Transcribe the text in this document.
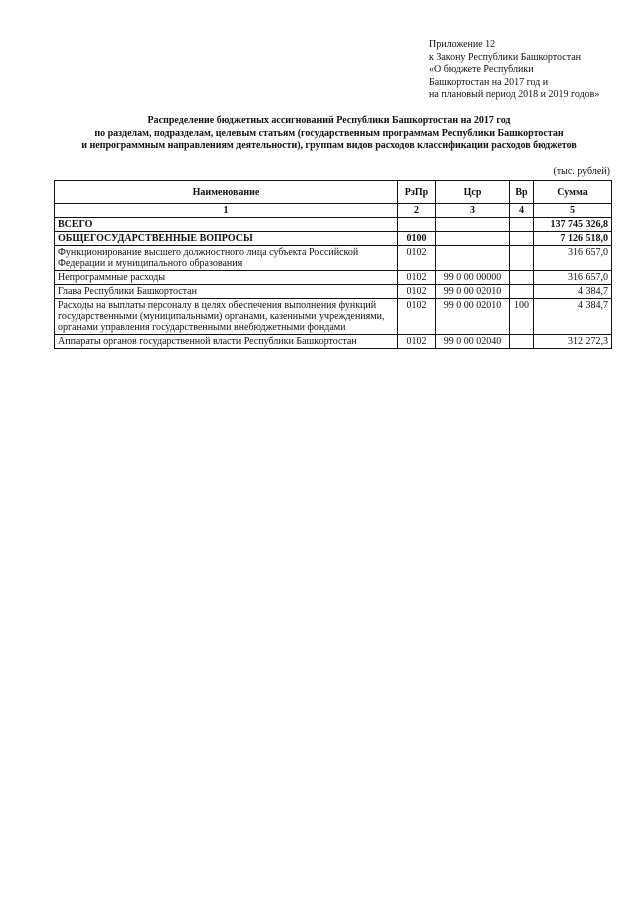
Приложение 12
к Закону Республики Башкортостан
«О бюджете Республики
Башкортостан на 2017 год и
на плановый период 2018 и 2019 годов»
Распределение бюджетных ассигнований Республики Башкортостан на 2017 год
по разделам, подразделам, целевым статьям (государственным программам Республики Башкортостан
и непрограммным направлениям деятельности), группам видов расходов классификации расходов бюджетов
(тыс. рублей)
Наименование	РзПр	Цср	Вр	Сумма
1	2	3	4	5
ВСЕГО				137 745 326,8
ОБЩЕГОСУДАРСТВЕННЫЕ ВОПРОСЫ	0100			7 126 518,0
Функционирование высшего должностного лица субъекта Российской Федерации и муниципального образования	0102			316 657,0
Непрограммные расходы	0102	99 0 00 00000		316 657,0
Глава Республики Башкортостан	0102	99 0 00 02010		4 384,7
Расходы на выплаты персоналу в целях обеспечения выполнения функций государственными (муниципальными) органами, казенными учреждениями, органами управления государственными внебюджетными фондами	0102	99 0 00 02010	100	4 384,7
Аппараты органов государственной власти Республики Башкортостан	0102	99 0 00 02040		312 272,3
